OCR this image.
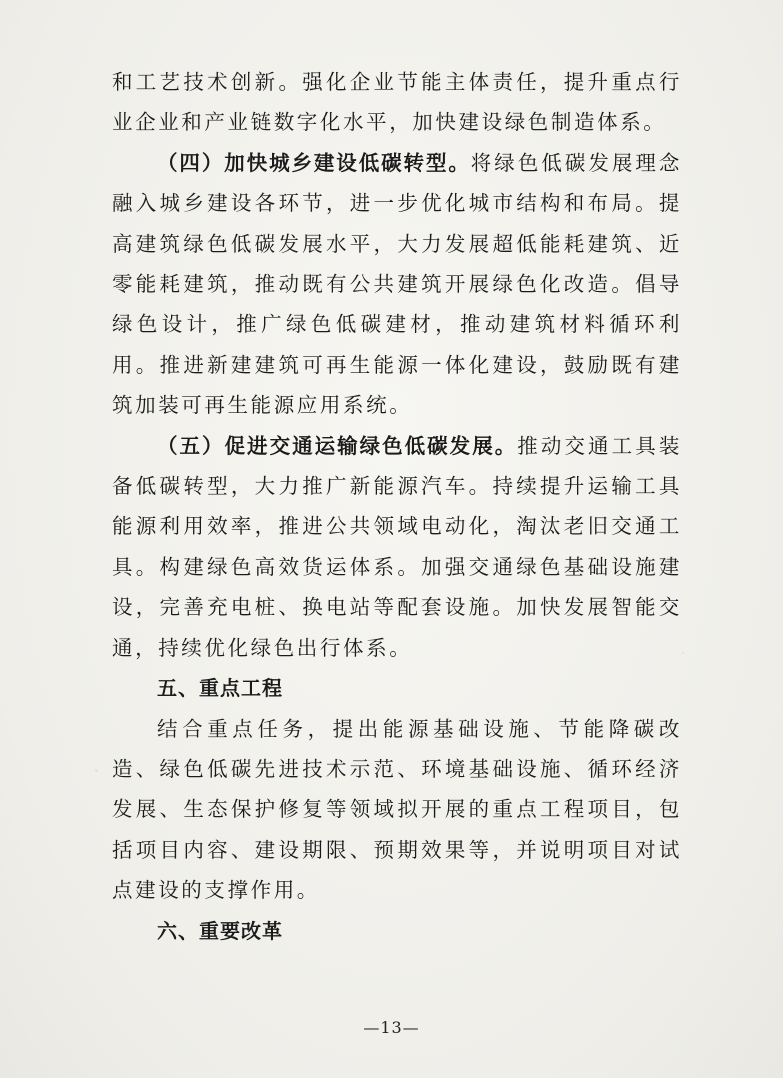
和工艺技术创新。强化企业节能主体责任，提升重点行业企业和产业链数字化水平，加快建设绿色制造体系。

（四）加快城乡建设低碳转型。将绿色低碳发展理念融入城乡建设各环节，进一步优化城市结构和布局。提高建筑绿色低碳发展水平，大力发展超低能耗建筑、近零能耗建筑，推动既有公共建筑开展绿色化改造。倡导绿色设计，推广绿色低碳建材，推动建筑材料循环利用。推进新建建筑可再生能源一体化建设，鼓励既有建筑加装可再生能源应用系统。

（五）促进交通运输绿色低碳发展。推动交通工具装备低碳转型，大力推广新能源汽车。持续提升运输工具能源利用效率，推进公共领域电动化，淘汰老旧交通工具。构建绿色高效货运体系。加强交通绿色基础设施建设，完善充电桩、换电站等配套设施。加快发展智能交通，持续优化绿色出行体系。

五、重点工程

结合重点任务，提出能源基础设施、节能降碳改造、绿色低碳先进技术示范、环境基础设施、循环经济发展、生态保护修复等领域拟开展的重点工程项目，包括项目内容、建设期限、预期效果等，并说明项目对试点建设的支撑作用。

六、重要改革
—13—
